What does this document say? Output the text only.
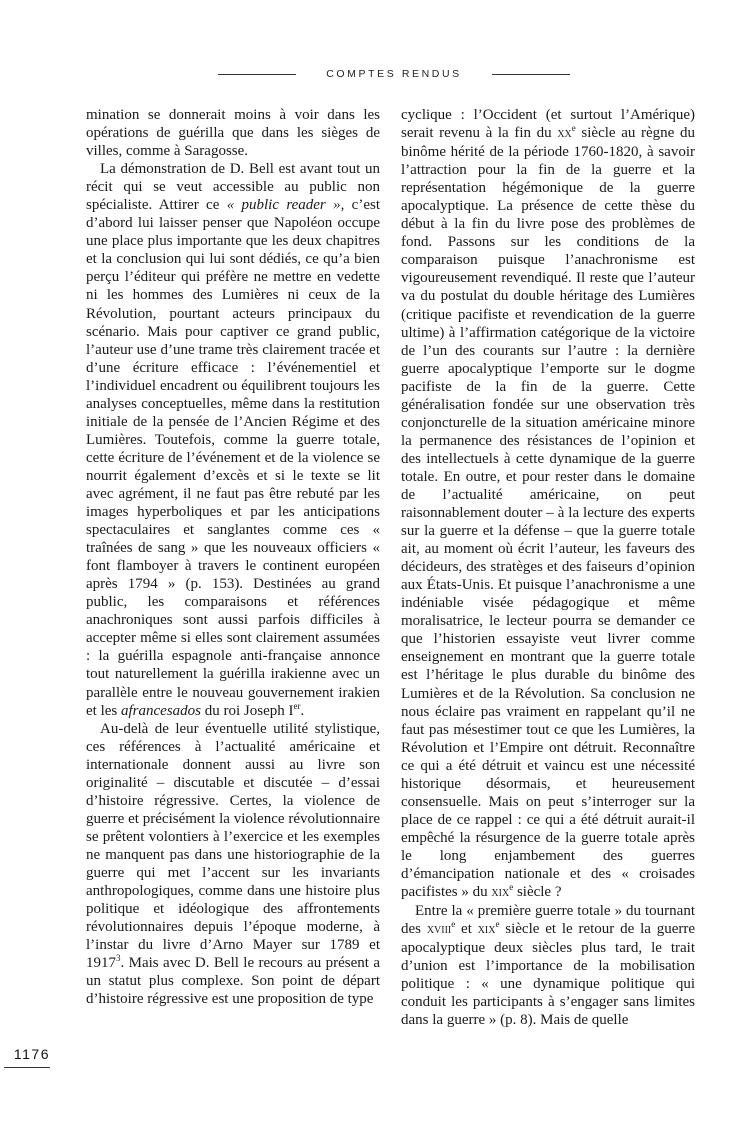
COMPTES RENDUS

mination se donnerait moins à voir dans les opérations de guérilla que dans les sièges de villes, comme à Saragosse.

La démonstration de D. Bell est avant tout un récit qui se veut accessible au public non spécialiste. Attirer ce « public reader », c’est d’abord lui laisser penser que Napoléon occupe une place plus importante que les deux chapitres et la conclusion qui lui sont dédiés, ce qu’a bien perçu l’éditeur qui préfère ne mettre en vedette ni les hommes des Lumières ni ceux de la Révolution, pourtant acteurs principaux du scénario. Mais pour captiver ce grand public, l’auteur use d’une trame très clairement tracée et d’une écriture efficace : l’événementiel et l’individuel encadrent ou équilibrent toujours les analyses conceptuelles, même dans la restitution initiale de la pensée de l’Ancien Régime et des Lumières. Toutefois, comme la guerre totale, cette écriture de l’événement et de la violence se nourrit également d’excès et si le texte se lit avec agrément, il ne faut pas être rebuté par les images hyperboliques et par les anticipations spectaculaires et sanglantes comme ces « traînées de sang » que les nouveaux officiers « font flamboyer à travers le continent européen après 1794 » (p. 153). Destinées au grand public, les comparaisons et références anachroniques sont aussi parfois difficiles à accepter même si elles sont clairement assumées : la guérilla espagnole anti-française annonce tout naturellement la guérilla irakienne avec un parallèle entre le nouveau gouvernement irakien et les afrancesados du roi Joseph Ier.

Au-delà de leur éventuelle utilité stylistique, ces références à l’actualité américaine et internationale donnent aussi au livre son originalité – discutable et discutée – d’essai d’histoire régressive. Certes, la violence de guerre et précisément la violence révolutionnaire se prêtent volontiers à l’exercice et les exemples ne manquent pas dans une historiographie de la guerre qui met l’accent sur les invariants anthropologiques, comme dans une histoire plus politique et idéologique des affrontements révolutionnaires depuis l’époque moderne, à l’instar du livre d’Arno Mayer sur 1789 et 1917$^3$. Mais avec D. Bell le recours au présent a un statut plus complexe. Son point de départ d’histoire régressive est une proposition de type

cyclique : l’Occident (et surtout l’Amérique) serait revenu à la fin du $xx^e$ siècle au règne du binôme hérité de la période 1760-1820, à savoir l’attraction pour la fin de la guerre et la représentation hégémonique de la guerre apocalyptique. La présence de cette thèse du début à la fin du livre pose des problèmes de fond. Passons sur les conditions de la comparaison puisque l’anachronisme est vigoureusement revendiqué. Il reste que l’auteur va du postulat du double héritage des Lumières (critique pacifiste et revendication de la guerre ultime) à l’affirmation catégorique de la victoire de l’un des courants sur l’autre : la dernière guerre apocalyptique l’emporte sur le dogme pacifiste de la fin de la guerre. Cette généralisation fondée sur une observation très conjoncturelle de la situation américaine minore la permanence des résistances de l’opinion et des intellectuels à cette dynamique de la guerre totale. En outre, et pour rester dans le domaine de l’actualité américaine, on peut raisonnablement douter – à la lecture des experts sur la guerre et la défense – que la guerre totale ait, au moment où écrit l’auteur, les faveurs des décideurs, des stratèges et des faiseurs d’opinion aux États-Unis. Et puisque l’anachronisme a une indéniable visée pédagogique et même moralisatrice, le lecteur pourra se demander ce que l’historien essayiste veut livrer comme enseignement en montrant que la guerre totale est l’héritage le plus durable du binôme des Lumières et de la Révolution. Sa conclusion ne nous éclaire pas vraiment en rappelant qu’il ne faut pas mésestimer tout ce que les Lumières, la Révolution et l’Empire ont détruit. Reconnaître ce qui a été détruit et vaincu est une nécessité historique désormais, et heureusement consensuelle. Mais on peut s’interroger sur la place de ce rappel : ce qui a été détruit aurait-il empêché la résurgence de la guerre totale après le long enjambement des guerres d’émancipation nationale et des « croisades pacifistes » du xix$^e$ siècle ?

Entre la « première guerre totale » du tournant des xviii$^e$ et xix$^e$ siècle et le retour de la guerre apocalyptique deux siècles plus tard, le trait d’union est l’importance de la mobilisation politique : « une dynamique politique qui conduit les participants à s’engager sans limites dans la guerre » (p. 8). Mais de quelle

1176
